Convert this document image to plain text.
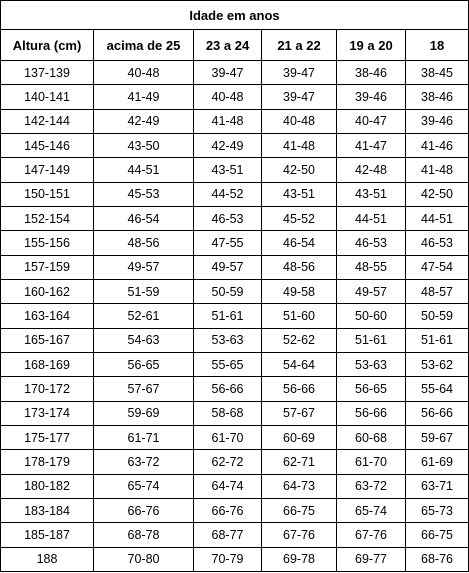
Idade em anos					
Altura (cm)	acima de 25	23 a 24	21 a 22	19 a 20	18
137-139	40-48	39-47	39-47	38-46	38-45
140-141	41-49	40-48	39-47	39-46	38-46
142-144	42-49	41-48	40-48	40-47	39-46
145-146	43-50	42-49	41-48	41-47	41-46
147-149	44-51	43-51	42-50	42-48	41-48
150-151	45-53	44-52	43-51	43-51	42-50
152-154	46-54	46-53	45-52	44-51	44-51
155-156	48-56	47-55	46-54	46-53	46-53
157-159	49-57	49-57	48-56	48-55	47-54
160-162	51-59	50-59	49-58	49-57	48-57
163-164	52-61	51-61	51-60	50-60	50-59
165-167	54-63	53-63	52-62	51-61	51-61
168-169	56-65	55-65	54-64	53-63	53-62
170-172	57-67	56-66	56-66	56-65	55-64
173-174	59-69	58-68	57-67	56-66	56-66
175-177	61-71	61-70	60-69	60-68	59-67
178-179	63-72	62-72	62-71	61-70	61-69
180-182	65-74	64-74	64-73	63-72	63-71
183-184	66-76	66-76	66-75	65-74	65-73
185-187	68-78	68-77	67-76	67-76	66-75
188	70-80	70-79	69-78	69-77	68-76
